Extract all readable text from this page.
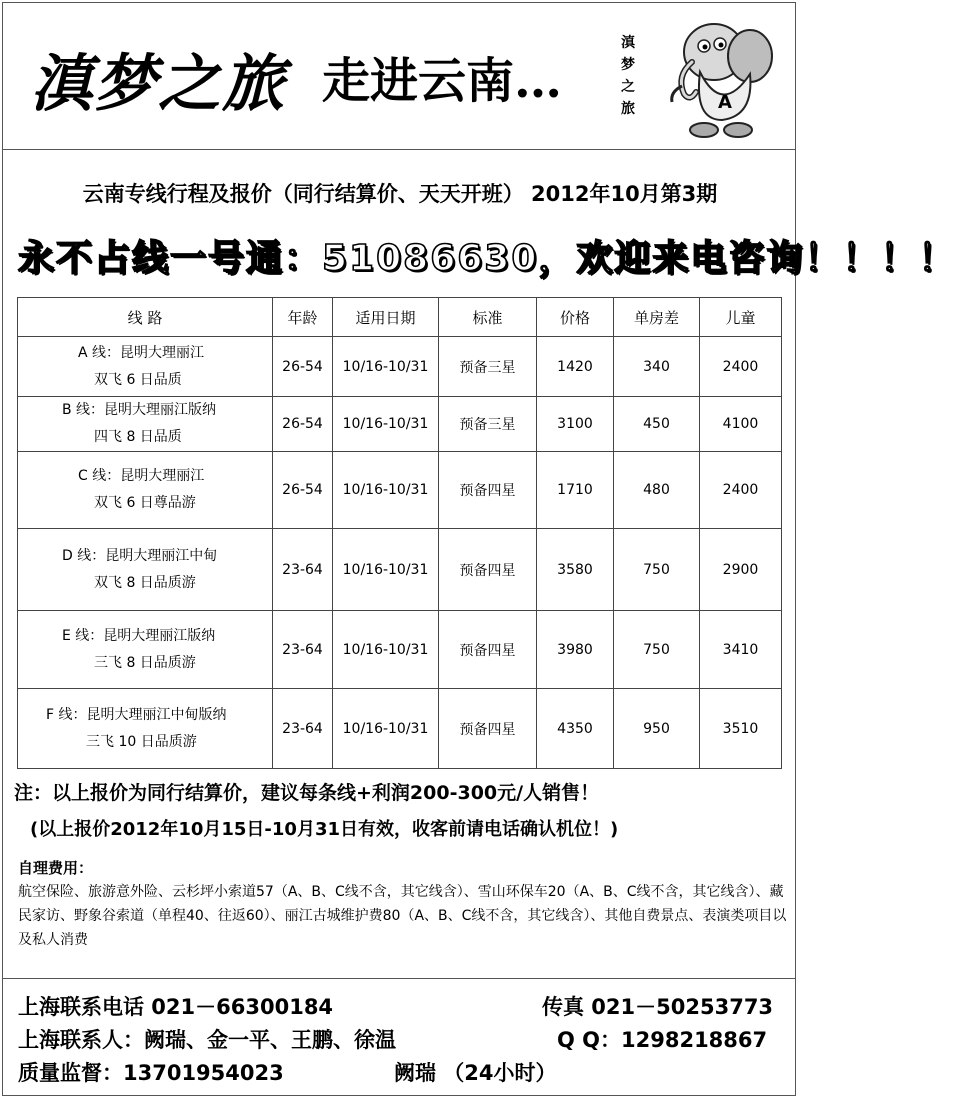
滇梦之旅 走进云南…
滇
梦
之
旅	A
云南专线行程及报价（同行结算价、天天开班） 2012年10月第3期
永不占线一号通：51086630，欢迎来电咨询！！！！
线 路	年龄	适用日期	标准	价格	单房差	儿童

A 线：昆明大理丽江
双飞 6 日品质	26-54	10/16-10/31	预备三星	1420	340	2400

B 线：昆明大理丽江版纳
四飞 8 日品质	26-54	10/16-10/31	预备三星	3100	450	4100

C 线：昆明大理丽江
双飞 6 日尊品游	26-54	10/16-10/31	预备四星	1710	480	2400

D 线：昆明大理丽江中甸
双飞 8 日品质游	23-64	10/16-10/31	预备四星	3580	750	2900

E 线：昆明大理丽江版纳
三飞 8 日品质游	23-64	10/16-10/31	预备四星	3980	750	3410

F 线：昆明大理丽江中甸版纳
三飞 10 日品质游	23-64	10/16-10/31	预备四星	4350	950	3510
注：以上报价为同行结算价，建议每条线+利润200-300元/人销售！
(以上报价2012年10月15日-10月31日有效，收客前请电话确认机位！)
自理费用：
航空保险、旅游意外险、云杉坪小索道57（A、B、C线不含，其它线含）、雪山环保车20（A、B、C线不含，其它线含）、藏民家访、野象谷索道（单程40、往返60）、丽江古城维护费80（A、B、C线不含，其它线含）、其他自费景点、表演类项目以及私人消费
上海联系电话 021－66300184	传真 021－50253773
上海联系人：阙瑞、金一平、王鹏、徐温	Q Q：1298218867
质量监督：13701954023	阙瑞 （24小时）
